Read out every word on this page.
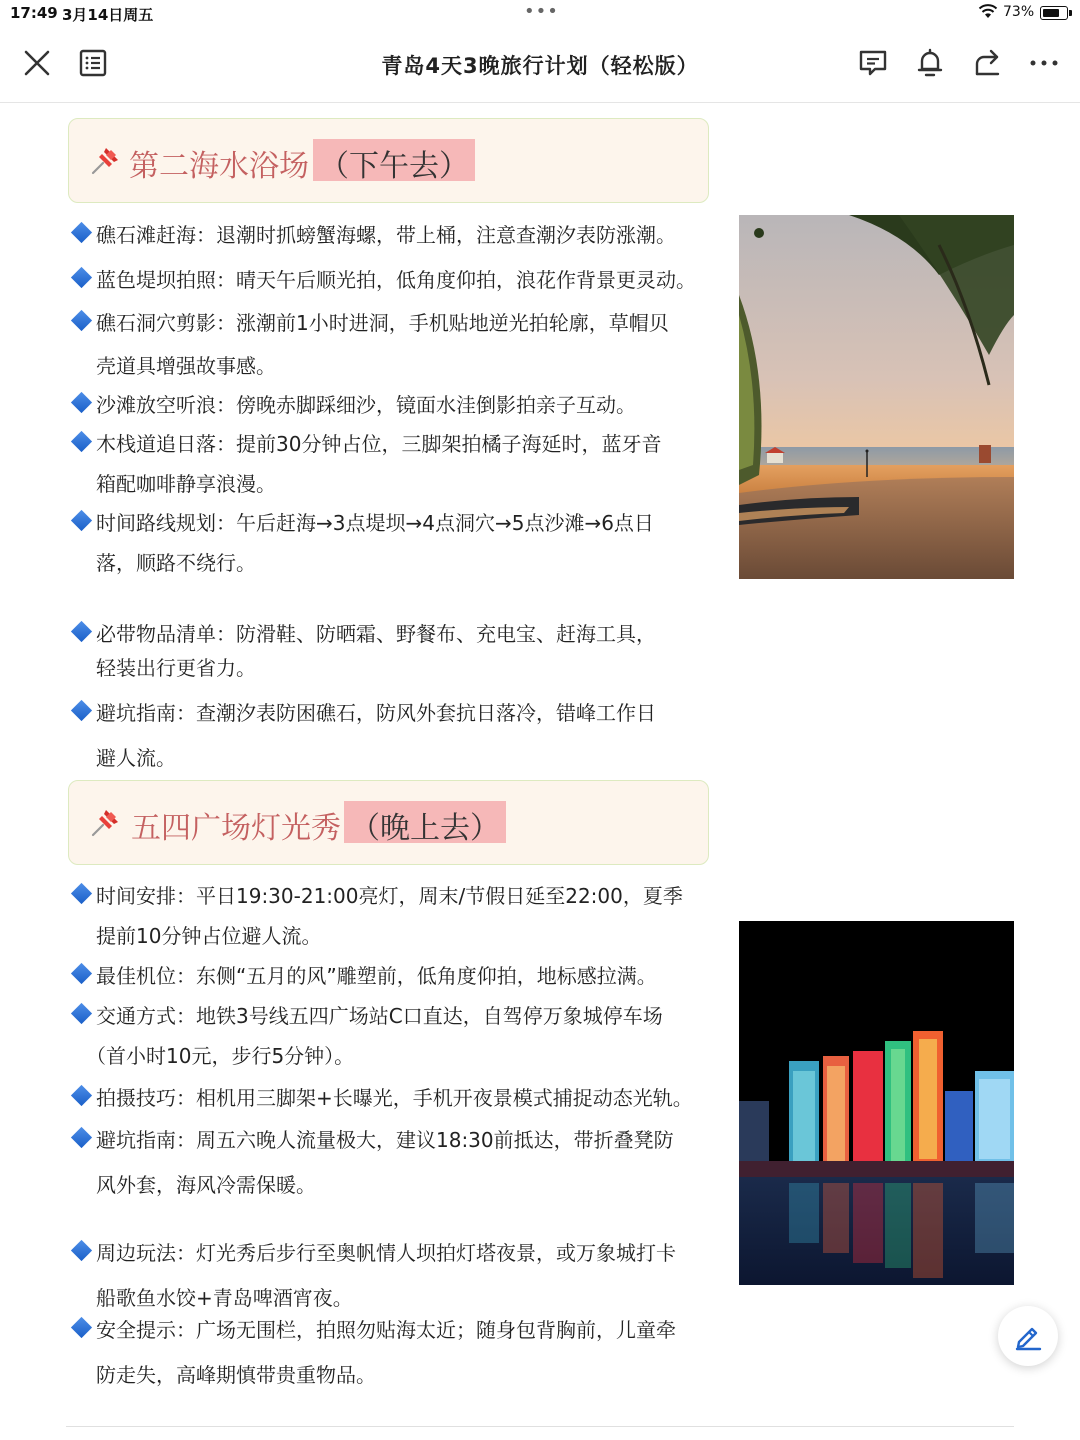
17:49 3月14日周五	•••	73%
青岛4天3晚旅行计划（轻松版）
第二海水浴场 （下午去）
礁石滩赶海：退潮时抓螃蟹海螺，带上桶，注意查潮汐表防涨潮。
蓝色堤坝拍照：晴天午后顺光拍，低角度仰拍，浪花作背景更灵动。
礁石洞穴剪影：涨潮前1小时进洞，手机贴地逆光拍轮廓，草帽贝
壳道具增强故事感。
沙滩放空听浪：傍晚赤脚踩细沙，镜面水洼倒影拍亲子互动。
木栈道追日落：提前30分钟占位，三脚架拍橘子海延时，蓝牙音
箱配咖啡静享浪漫。
时间路线规划：午后赶海→3点堤坝→4点洞穴→5点沙滩→6点日
落，顺路不绕行。
必带物品清单：防滑鞋、防晒霜、野餐布、充电宝、赶海工具，
轻装出行更省力。
避坑指南：查潮汐表防困礁石，防风外套抗日落冷，错峰工作日
避人流。
五四广场灯光秀 （晚上去）
时间安排：平日19:30-21:00亮灯，周末/节假日延至22:00，夏季
提前10分钟占位避人流。
最佳机位：东侧“五月的风”雕塑前，低角度仰拍，地标感拉满。
交通方式：地铁3号线五四广场站C口直达，自驾停万象城停车场
（首小时10元，步行5分钟）。
拍摄技巧：相机用三脚架+长曝光，手机开夜景模式捕捉动态光轨。
避坑指南：周五六晚人流量极大，建议18:30前抵达，带折叠凳防
风外套，海风冷需保暖。
周边玩法：灯光秀后步行至奥帆情人坝拍灯塔夜景，或万象城打卡
船歌鱼水饺+青岛啤酒宵夜。
安全提示：广场无围栏，拍照勿贴海太近；随身包背胸前，儿童牵
防走失，高峰期慎带贵重物品。
